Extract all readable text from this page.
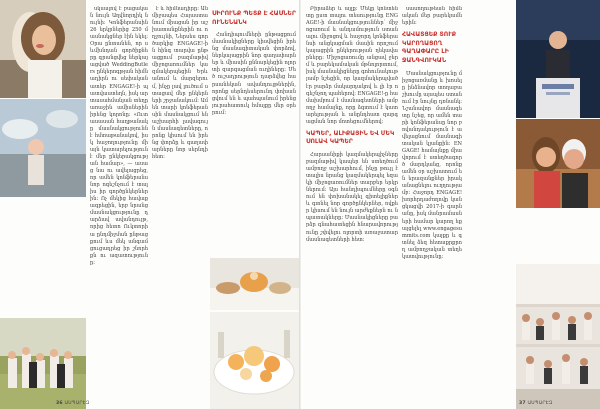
սկսալով է բացական նույն Աղվնորդիկ նույնի: Կոնֆերանսին 26 երկրներից 250 մասնակցներ էին եկել: Օրա ընտանեն, որ սևմխնդան գործիքները գրանցվեց ներկայացված WeddingButlers ընկերոգթյան հիմնադիրն ու սեփականատեր ENGAGE!-ի պատվաստեղն, իսկ արտասահմանյան տեղը առաջին ամիսներին իրենց կորոնը։ «Ուտասասան հաղթանակը մասնակցությունն է հմտաթանակով, իսկ հաջողությունը միայն կատարելություն է մեր ընկերակցության համար», — ասաց նա ու ավելացրեց, որ ամեն կոնֆերանս նոր ոգեշնչում է տալիս իր գործընկերներին։ Ոչ մեկից հավաքագրեցին, երբ նրանց մասնակցությունը դարձավ ավանդույթ, որից հետո Ուկտորիա ընդմիջման ընթացքում ևս մեկ անգամ ցուցադրեց իր շնորհքն ու ազատությունը։

է և հիմնադիրը: Անմիջապես Հայաստանում միացան իր աշխատանքներին ու ողջույնի, Ներսես գործարկից ENGAGE!-ին հինգ տարվա ընթացքում բազմաթիվ միջոցառումներ կազմակերպեցին Երևանում և մարզերում, ինչը լավ լուծում ստացավ մեր ընկերների շրջանակում։ Ամեն տարի կոնֆերանսին մասնակցում են աշխարհի լավագույն մասնագետները, որոնք կիսում են իրենց փորձը և գաղափարները նոր սերնդի հետ:

ՍԻՐՈՒՆՔ ՊԵՏՔ Է ՀԱՍՆԵՐ ՈՒՆԵՆԱՆԿ

Հանդիպումների ընթացքում մասնակիցները կիսվեցին իրենց մասնագիտական փորձով, ներկայացրին նոր գաղափարներ և միասին քննարկեցին ոլորտի զարգացման ուղիները։ Մեծ ուշադրություն դարձվեց հարսանեկան ավանդույթներին, որոնք սերնդեսերունդ փոխանցվում են և պահպանում իրենց յուրահատուկ հմայքը մեր օրերում։

36 ԱՍՊԱՐԷԶ

Բիրաձեր և այլք։ Մեկը կոնտենտը ըստ տալու տեսությունը ENGAGE!-ի մասնակցություններ՝ միջոցառում և անդամություն ստանալու միջոցով և հաջորդ կոնֆերանսի անցկացման մասին որոշում կայացրին ընկերության ղեկավարները։ Միջոցառումը անցավ ջերմ և բարեկամական մթնոլորտում, իսկ մասնակիցները գոհունակությամբ նշեցին, որ կազմակերպված էր բարձր մակարդակով և լի էր ոգեշնչող պահերով։ ENGAGE!-ը համախմբում է մասնագետների ամբողջ համայնք, որը ձգտում է կատարելության և անընդհատ զարգացման նոր մոտեցումներով։

ԿԱՊԵՐ, ԱԼԻՔԱՅԻՆ ԵՎ ՄԵԿ ՍՈԼԱՎ ԿԱՊԵՐ

Հարսանիքի կազմակերպիչները բազմաթիվ կապեր են ստեղծում ամբողջ աշխարհում, ինչը թույլ է տալիս նրանց կազմակերպել եզակի միջոցառումներ տարբեր երկրներում։ Այս հանդիպումները օգնում են փոխանակել գիտելիքներ և գտնել նոր գործընկերներ, ովքեր կիսում են նույն արժեքներն ու նպատակները։ Մասնակիցները բարձր գնահատեցին հնարավորությունը շփվելու ոլորտի առաջատար մասնագետների հետ։

սասողութեան հիմնական մեր բարեկամներին։

ՀԱՎԱՏՑԵՔ ՏՈՒՔ ԿԱՐՈՂԱՑՈՂ ԳԱՂԱՓԱՐԸ ԼԻ ՋԱՆԳՎՈՒԿԱՆ

Մասնակցությունը միջոցառմանը և խոսելը ինձնավոր տողաբաշխումը այսպես ստանում էր նույնը դռնանկ։ Նշանավոր մասնագետը նշեց, որ ամեն տարի կոնֆերանսը նոր բովանդակություն է ավելացնում մասնագիտական կյանքին։ ENGAGE! համայնքը միավորում է ստեղծագործ մարդկանց, որոնք ամեն օր աշխատում են երազանքներ իրականացնելու ուղղությամբ։ Հաջորդ ENGAGE! խորհրդաժողովը կանցկացվի 2017-ի գարնանը, իսկ մանրամասների համար կարող եք այցելել www.engagesummits.com կայքը և գտնել ձեզ հետաքրքրող ամբողջական տեղեկատվությունը։

37 ԱՍՊԱՐԷԶ
